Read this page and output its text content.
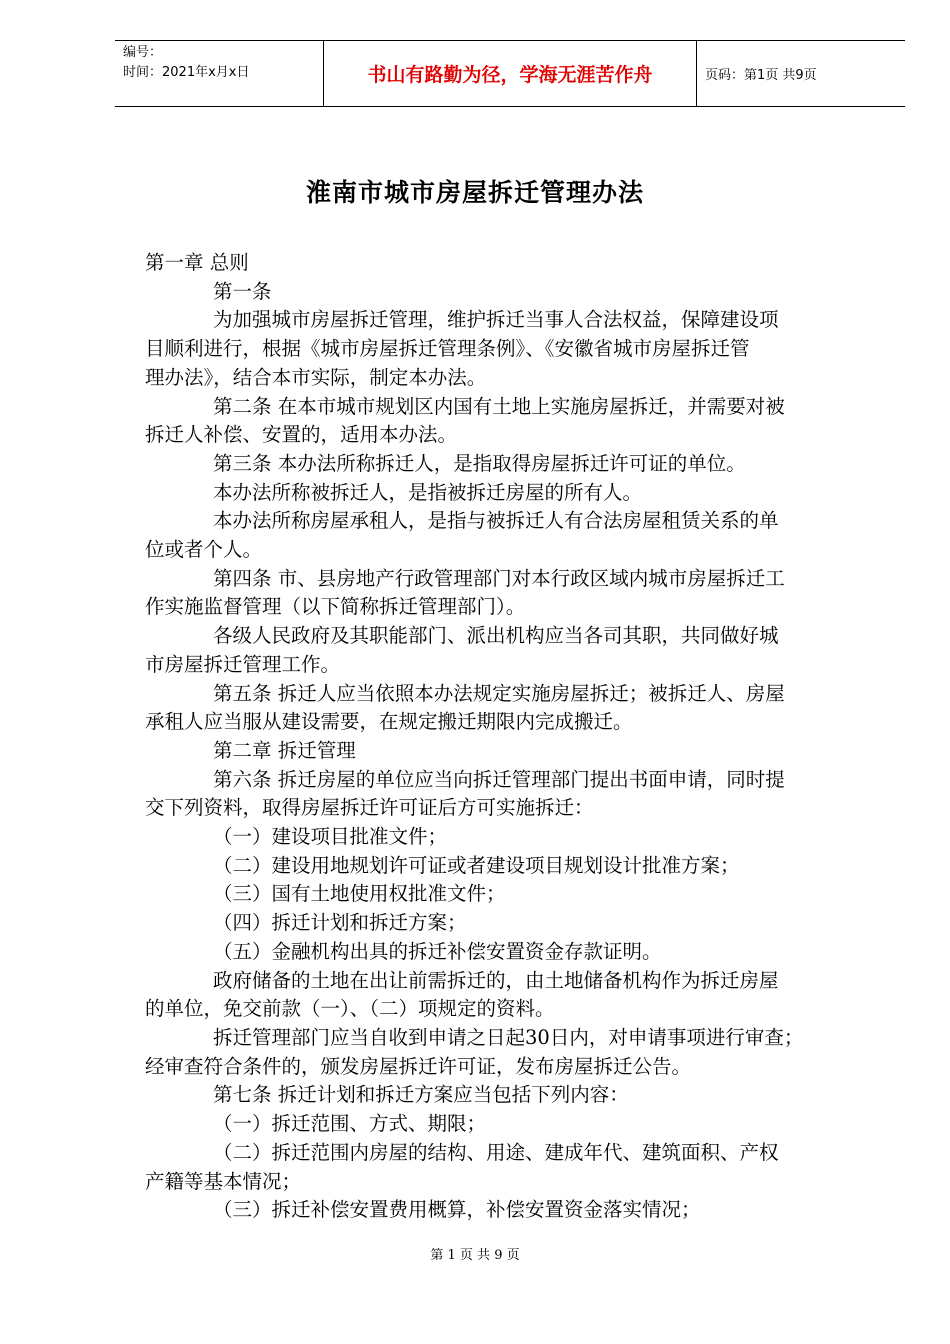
编号：
时间：2021年x月x日	书山有路勤为径，学海无涯苦作舟	页码：第1页 共9页
淮南市城市房屋拆迁管理办法

第一章 总则

第一条

为加强城市房屋拆迁管理，维护拆迁当事人合法权益，保障建设项

目顺利进行，根据《城市房屋拆迁管理条例》、《安徽省城市房屋拆迁管

理办法》，结合本市实际，制定本办法。

第二条 在本市城市规划区内国有土地上实施房屋拆迁，并需要对被

拆迁人补偿、安置的，适用本办法。

第三条 本办法所称拆迁人，是指取得房屋拆迁许可证的单位。

本办法所称被拆迁人，是指被拆迁房屋的所有人。

本办法所称房屋承租人，是指与被拆迁人有合法房屋租赁关系的单

位或者个人。

第四条 市、县房地产行政管理部门对本行政区域内城市房屋拆迁工

作实施监督管理（以下简称拆迁管理部门）。

各级人民政府及其职能部门、派出机构应当各司其职，共同做好城

市房屋拆迁管理工作。

第五条 拆迁人应当依照本办法规定实施房屋拆迁；被拆迁人、房屋

承租人应当服从建设需要，在规定搬迁期限内完成搬迁。

第二章 拆迁管理

第六条 拆迁房屋的单位应当向拆迁管理部门提出书面申请，同时提

交下列资料，取得房屋拆迁许可证后方可实施拆迁：

（一）建设项目批准文件；

（二）建设用地规划许可证或者建设项目规划设计批准方案；

（三）国有土地使用权批准文件；

（四）拆迁计划和拆迁方案；

（五）金融机构出具的拆迁补偿安置资金存款证明。

政府储备的土地在出让前需拆迁的，由土地储备机构作为拆迁房屋

的单位，免交前款（一）、（二）项规定的资料。

拆迁管理部门应当自收到申请之日起30日内，对申请事项进行审查；

经审查符合条件的，颁发房屋拆迁许可证，发布房屋拆迁公告。

第七条 拆迁计划和拆迁方案应当包括下列内容：

（一）拆迁范围、方式、期限；

（二）拆迁范围内房屋的结构、用途、建成年代、建筑面积、产权

产籍等基本情况；

（三）拆迁补偿安置费用概算，补偿安置资金落实情况；

第 1 页 共 9 页
